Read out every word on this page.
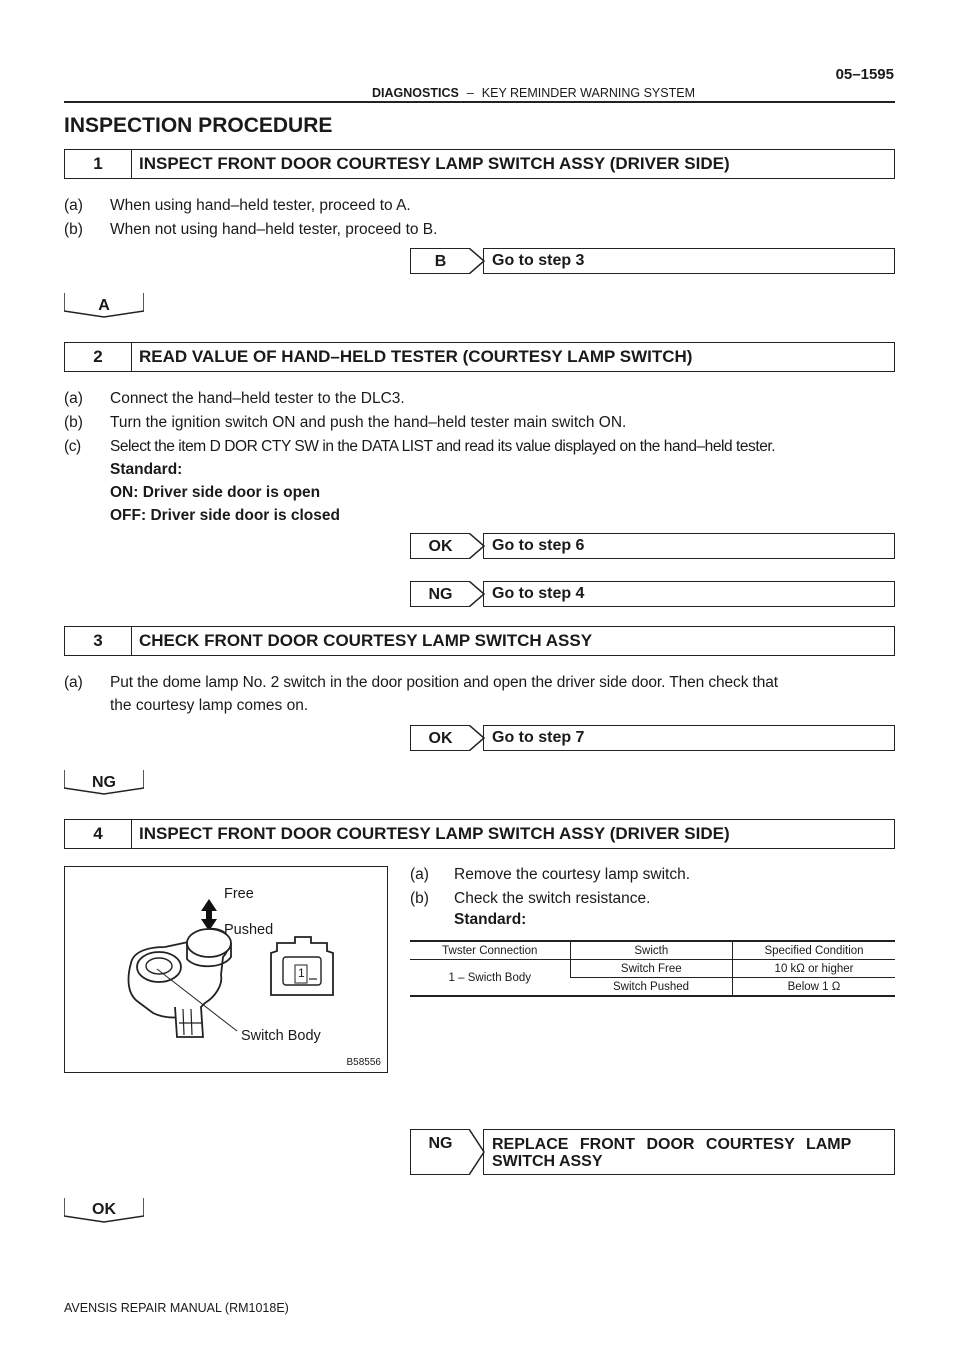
DIAGNOSTICS – KEY REMINDER WARNING SYSTEM
05–1595
INSPECTION PROCEDURE
1	INSPECT FRONT DOOR COURTESY LAMP SWITCH ASSY (DRIVER SIDE)
(a) When using hand–held tester, proceed to A.
(b) When not using hand–held tester, proceed to B.
B	Go to step 3
A
2	READ VALUE OF HAND–HELD TESTER (COURTESY LAMP SWITCH)
(a) Connect the hand–held tester to the DLC3.
(b) Turn the ignition switch ON and push the hand–held tester main switch ON.
(c) Select the item D DOR CTY SW in the DATA LIST and read its value displayed on the hand–held tester.
Standard:
ON: Driver side door is open
OFF: Driver side door is closed
OK	Go to step 6
NG	Go to step 4
3	CHECK FRONT DOOR COURTESY LAMP SWITCH ASSY
(a) Put the dome lamp No. 2 switch in the door position and open the driver side door. Then check that
the courtesy lamp comes on.
OK	Go to step 7
NG
4	INSPECT FRONT DOOR COURTESY LAMP SWITCH ASSY (DRIVER SIDE)
Free
Pushed
Switch Body
1
B58556
(a) Remove the courtesy lamp switch.
(b) Check the switch resistance.
Standard:
Twster Connection	Swicth	Specified Condition
1 – Swicth Body	Switch Free	10 kΩ or higher
	Switch Pushed	Below 1 Ω
NG	REPLACE FRONT DOOR COURTESY LAMP
SWITCH ASSY
OK
AVENSIS REPAIR MANUAL (RM1018E)
